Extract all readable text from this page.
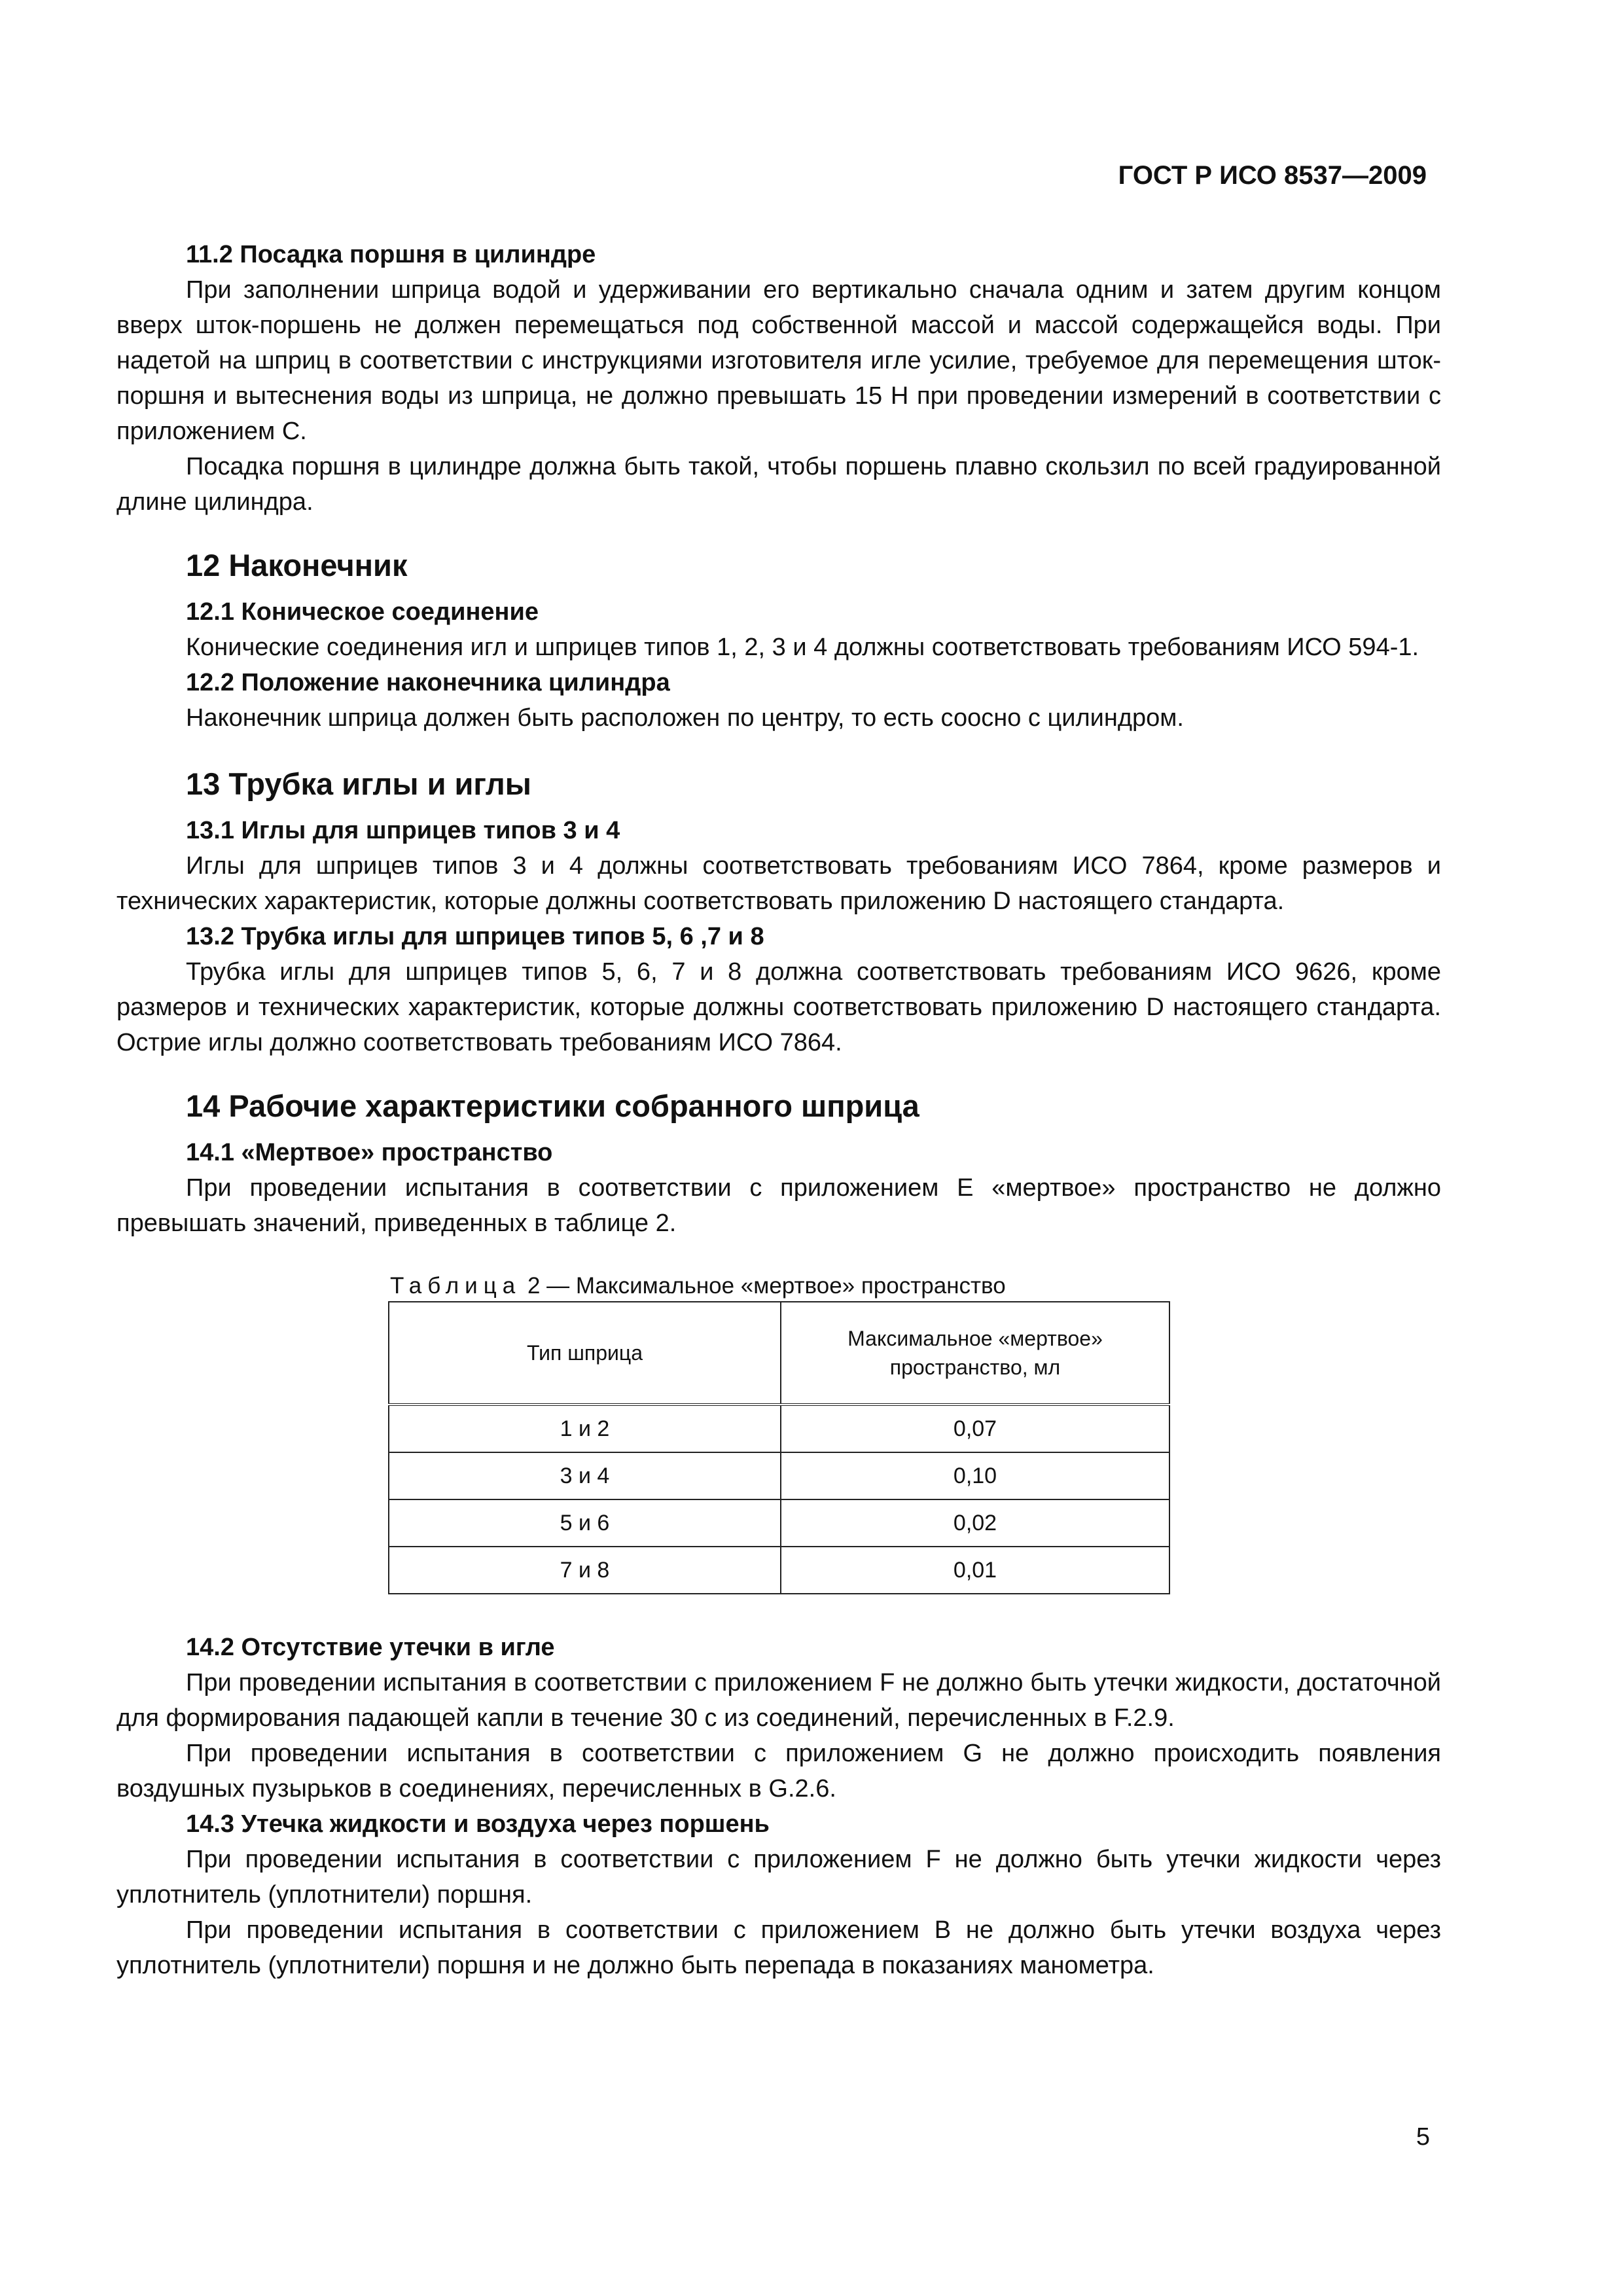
ГОСТ Р ИСО 8537—2009

11.2 Посадка поршня в цилиндре

При заполнении шприца водой и удерживании его вертикально сначала одним и затем другим концом вверх шток-поршень не должен перемещаться под собственной массой и массой содержащейся воды. При надетой на шприц в соответствии с инструкциями изготовителя игле усилие, требуемое для перемещения шток-поршня и вытеснения воды из шприца, не должно превышать 15 Н при проведении измерений в соответствии с приложением С.

Посадка поршня в цилиндре должна быть такой, чтобы поршень плавно скользил по всей градуированной длине цилиндра.

12 Наконечник

12.1 Коническое соединение

Конические соединения игл и шприцев типов 1, 2, 3 и 4 должны соответствовать требованиям ИСО 594-1.

12.2 Положение наконечника цилиндра

Наконечник шприца должен быть расположен по центру, то есть соосно с цилиндром.

13 Трубка иглы и иглы

13.1 Иглы для шприцев типов 3 и 4

Иглы для шприцев типов 3 и 4 должны соответствовать требованиям ИСО 7864, кроме размеров и технических характеристик, которые должны соответствовать приложению D настоящего стандарта.

13.2 Трубка иглы для шприцев типов 5, 6 ,7 и 8

Трубка иглы для шприцев типов 5, 6, 7 и 8 должна соответствовать требованиям ИСО 9626, кроме размеров и технических характеристик, которые должны соответствовать приложению D настоящего стандарта. Острие иглы должно соответствовать требованиям ИСО 7864.

14 Рабочие характеристики собранного шприца

14.1 «Мертвое» пространство

При проведении испытания в соответствии с приложением E «мертвое» пространство не должно превышать значений, приведенных в таблице 2.

Таблица 2 — Максимальное «мертвое» пространство

Тип шприца	Максимальное «мертвое»
пространство, мл

1 и 2	0,07
3 и 4	0,10
5 и 6	0,02
7 и 8	0,01

14.2 Отсутствие утечки в игле

При проведении испытания в соответствии с приложением F не должно быть утечки жидкости, достаточной для формирования падающей капли в течение 30 с из соединений, перечисленных в F.2.9.

При проведении испытания в соответствии с приложением G не должно происходить появления воздушных пузырьков в соединениях, перечисленных в G.2.6.

14.3 Утечка жидкости и воздуха через поршень

При проведении испытания в соответствии с приложением F не должно быть утечки жидкости через уплотнитель (уплотнители) поршня.

При проведении испытания в соответствии с приложением B не должно быть утечки воздуха через уплотнитель (уплотнители) поршня и не должно быть перепада в показаниях манометра.

5
